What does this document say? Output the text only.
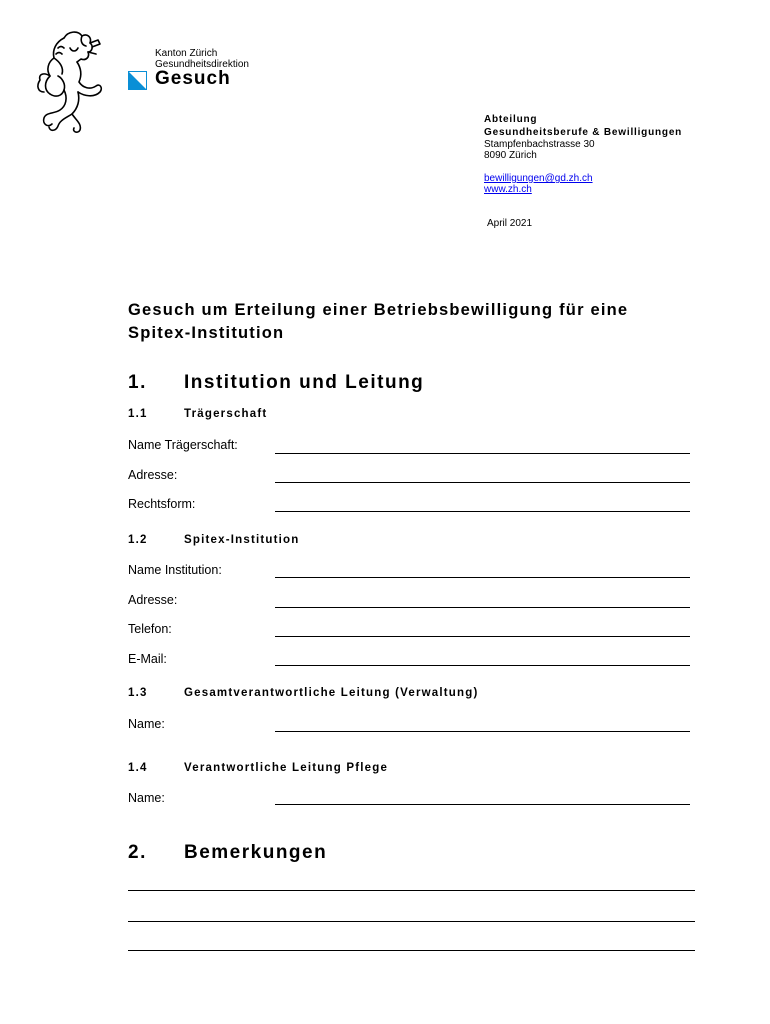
Kanton Zürich
Gesundheitsdirektion
Gesuch
Abteilung
Gesundheitsberufe & Bewilligungen
Stampfenbachstrasse 30
8090 Zürich
bewilligungen@gd.zh.ch
www.zh.ch
April 2021
Gesuch um Erteilung einer Betriebsbewilligung für eine
Spitex-Institution
1. Institution und Leitung
1.1	Trägerschaft
Name Trägerschaft:
Adresse:
Rechtsform:
1.2	Spitex-Institution
Name Institution:
Adresse:
Telefon:
E-Mail:
1.3	Gesamtverantwortliche Leitung (Verwaltung)
Name:
1.4	Verantwortliche Leitung Pflege
Name:
2. Bemerkungen
